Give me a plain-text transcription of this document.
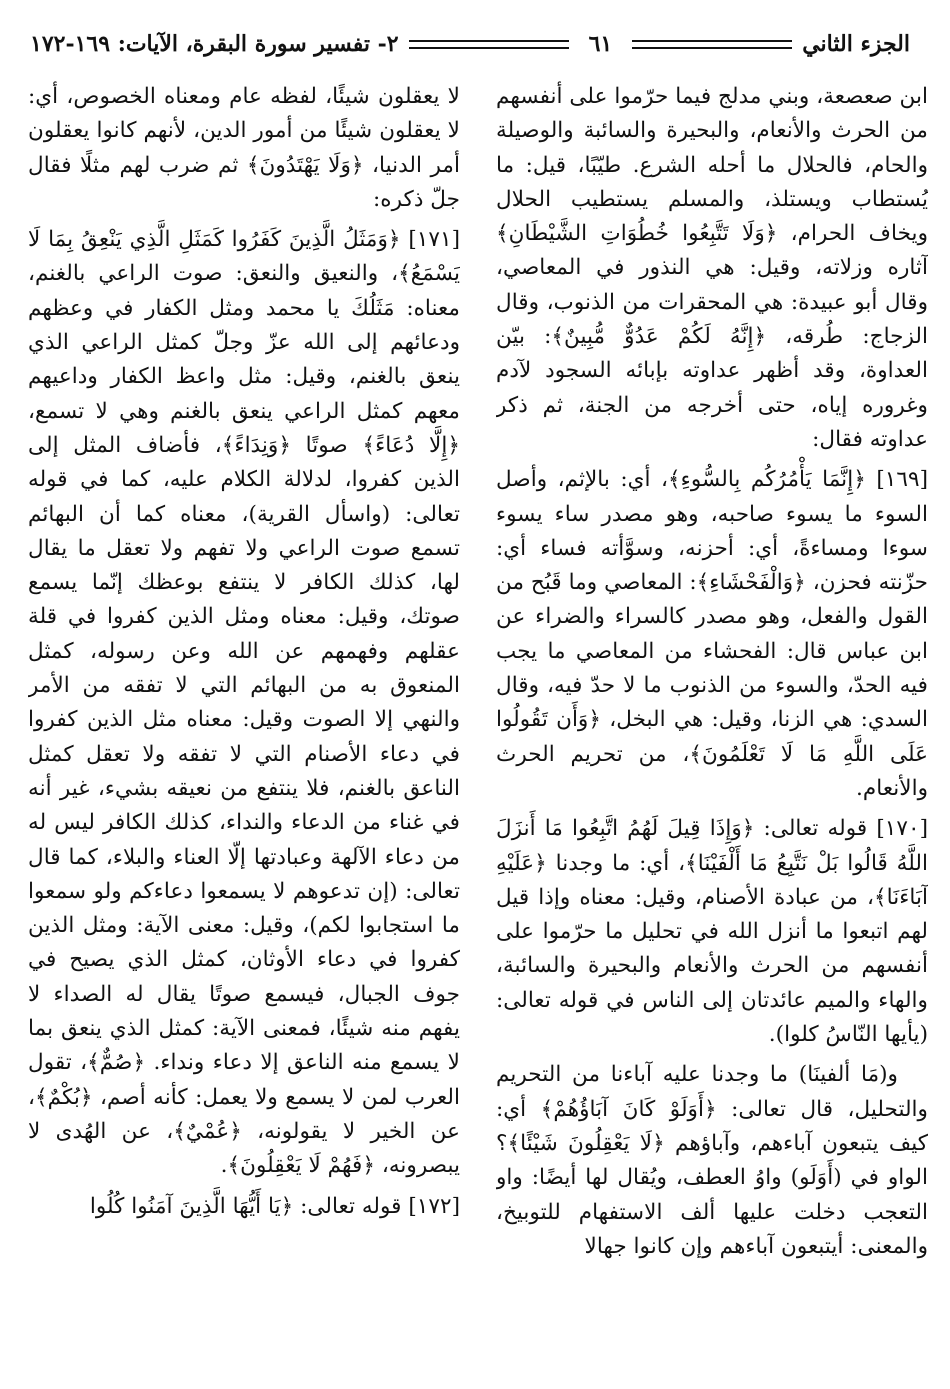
الجزء الثاني
٦١
٢- تفسير سورة البقرة، الآيات: ١٦٩-١٧٢

ابن صعصعة، وبني مدلج فيما حرّموا على أنفسهم من الحرث والأنعام، والبحيرة والسائبة والوصيلة والحام، فالحلال ما أحله الشرع. طيّبًا، قيل: ما يُستطاب ويستلذ، والمسلم يستطيب الحلال ويخاف الحرام، ﴿وَلَا تَتَّبِعُوا خُطُوَاتِ الشَّيْطَانِ﴾ آثاره وزلاته، وقيل: هي النذور في المعاصي، وقال أبو عبيدة: هي المحقرات من الذنوب، وقال الزجاج: طُرقه، ﴿إِنَّهُ لَكُمْ عَدُوٌّ مُّبِينٌ﴾: بيّن العداوة، وقد أظهر عداوته بإبائه السجود لآدم وغروره إياه، حتى أخرجه من الجنة، ثم ذكر عداوته فقال:

[١٦٩] ﴿إِنَّمَا يَأْمُرُكُم بِالسُّوءِ﴾، أي: بالإثم، وأصل السوء ما يسوء صاحبه، وهو مصدر ساء يسوء سوءا ومساءةً، أي: أحزنه، وسوَّأته فساء أي: حزّنته فحزن، ﴿وَالْفَحْشَاءِ﴾: المعاصي وما قَبُح من القول والفعل، وهو مصدر كالسراء والضراء عن ابن عباس قال: الفحشاء من المعاصي ما يجب فيه الحدّ، والسوء من الذنوب ما لا حدّ فيه، وقال السدي: هي الزنا، وقيل: هي البخل، ﴿وَأَن تَقُولُوا عَلَى اللَّهِ مَا لَا تَعْلَمُونَ﴾، من تحريم الحرث والأنعام.

[١٧٠] قوله تعالى: ﴿وَإِذَا قِيلَ لَهُمُ اتَّبِعُوا مَا أَنزَلَ اللَّهُ قَالُوا بَلْ نَتَّبِعُ مَا أَلْفَيْنَا﴾، أي: ما وجدنا ﴿عَلَيْهِ آبَاءَنَا﴾، من عبادة الأصنام، وقيل: معناه وإذا قيل لهم اتبعوا ما أنزل الله في تحليل ما حرّموا على أنفسهم من الحرث والأنعام والبحيرة والسائبة، والهاء والميم عائدتان إلى الناس في قوله تعالى: (يأيها النّاسُ كلوا).

و(مَا ألفينَا) ما وجدنا عليه آباءنا من التحريم والتحليل، قال تعالى: ﴿أَوَلَوْ كَانَ آبَاؤُهُمْ﴾ أي: كيف يتبعون آباءهم، وآباؤهم ﴿لَا يَعْقِلُونَ شَيْئًا﴾؟ الواو في (أَوَلَو) واوُ العطف، ويُقال لها أيضًا: واو التعجب دخلت عليها ألف الاستفهام للتوبيخ، والمعنى: أيتبعون آباءهم وإن كانوا جهالا

لا يعقلون شيئًا، لفظه عام ومعناه الخصوص، أي: لا يعقلون شيئًا من أمور الدين، لأنهم كانوا يعقلون أمر الدنيا، ﴿وَلَا يَهْتَدُونَ﴾ ثم ضرب لهم مثلًا فقال جلّ ذكره:

[١٧١] ﴿وَمَثَلُ الَّذِينَ كَفَرُوا كَمَثَلِ الَّذِي يَنْعِقُ بِمَا لَا يَسْمَعُ﴾، والنعيق والنعق: صوت الراعي بالغنم، معناه: مَثَلُكَ يا محمد ومثل الكفار في وعظهم ودعائهم إلى الله عزّ وجلّ كمثل الراعي الذي ينعق بالغنم، وقيل: مثل واعظ الكفار وداعيهم معهم كمثل الراعي ينعق بالغنم وهي لا تسمع، ﴿إِلَّا دُعَاءً﴾ صوتًا ﴿وَنِدَاءً﴾، فأضاف المثل إلى الذين كفروا، لدلالة الكلام عليه، كما في قوله تعالى: (واسأل القرية)، معناه كما أن البهائم تسمع صوت الراعي ولا تفهم ولا تعقل ما يقال لها، كذلك الكافر لا ينتفع بوعظك إنّما يسمع صوتك، وقيل: معناه ومثل الذين كفروا في قلة عقلهم وفهمهم عن الله وعن رسوله، كمثل المنعوق به من البهائم التي لا تفقه من الأمر والنهي إلا الصوت وقيل: معناه مثل الذين كفروا في دعاء الأصنام التي لا تفقه ولا تعقل كمثل الناعق بالغنم، فلا ينتفع من نعيقه بشيء، غير أنه في غناء من الدعاء والنداء، كذلك الكافر ليس له من دعاء الآلهة وعبادتها إلّا العناء والبلاء، كما قال تعالى: (إن تدعوهم لا يسمعوا دعاءكم ولو سمعوا ما استجابوا لكم)، وقيل: معنى الآية: ومثل الذين كفروا في دعاء الأوثان، كمثل الذي يصيح في جوف الجبال، فيسمع صوتًا يقال له الصداء لا يفهم منه شيئًا، فمعنى الآية: كمثل الذي ينعق بما لا يسمع منه الناعق إلا دعاء ونداء. ﴿صُمٌّ﴾، تقول العرب لمن لا يسمع ولا يعمل: كأنه أصم، ﴿بُكْمٌ﴾، عن الخير لا يقولونه، ﴿عُمْيٌ﴾، عن الهُدى لا يبصرونه، ﴿فَهُمْ لَا يَعْقِلُونَ﴾.

[١٧٢] قوله تعالى: ﴿يَا أَيُّهَا الَّذِينَ آمَنُوا كُلُوا
